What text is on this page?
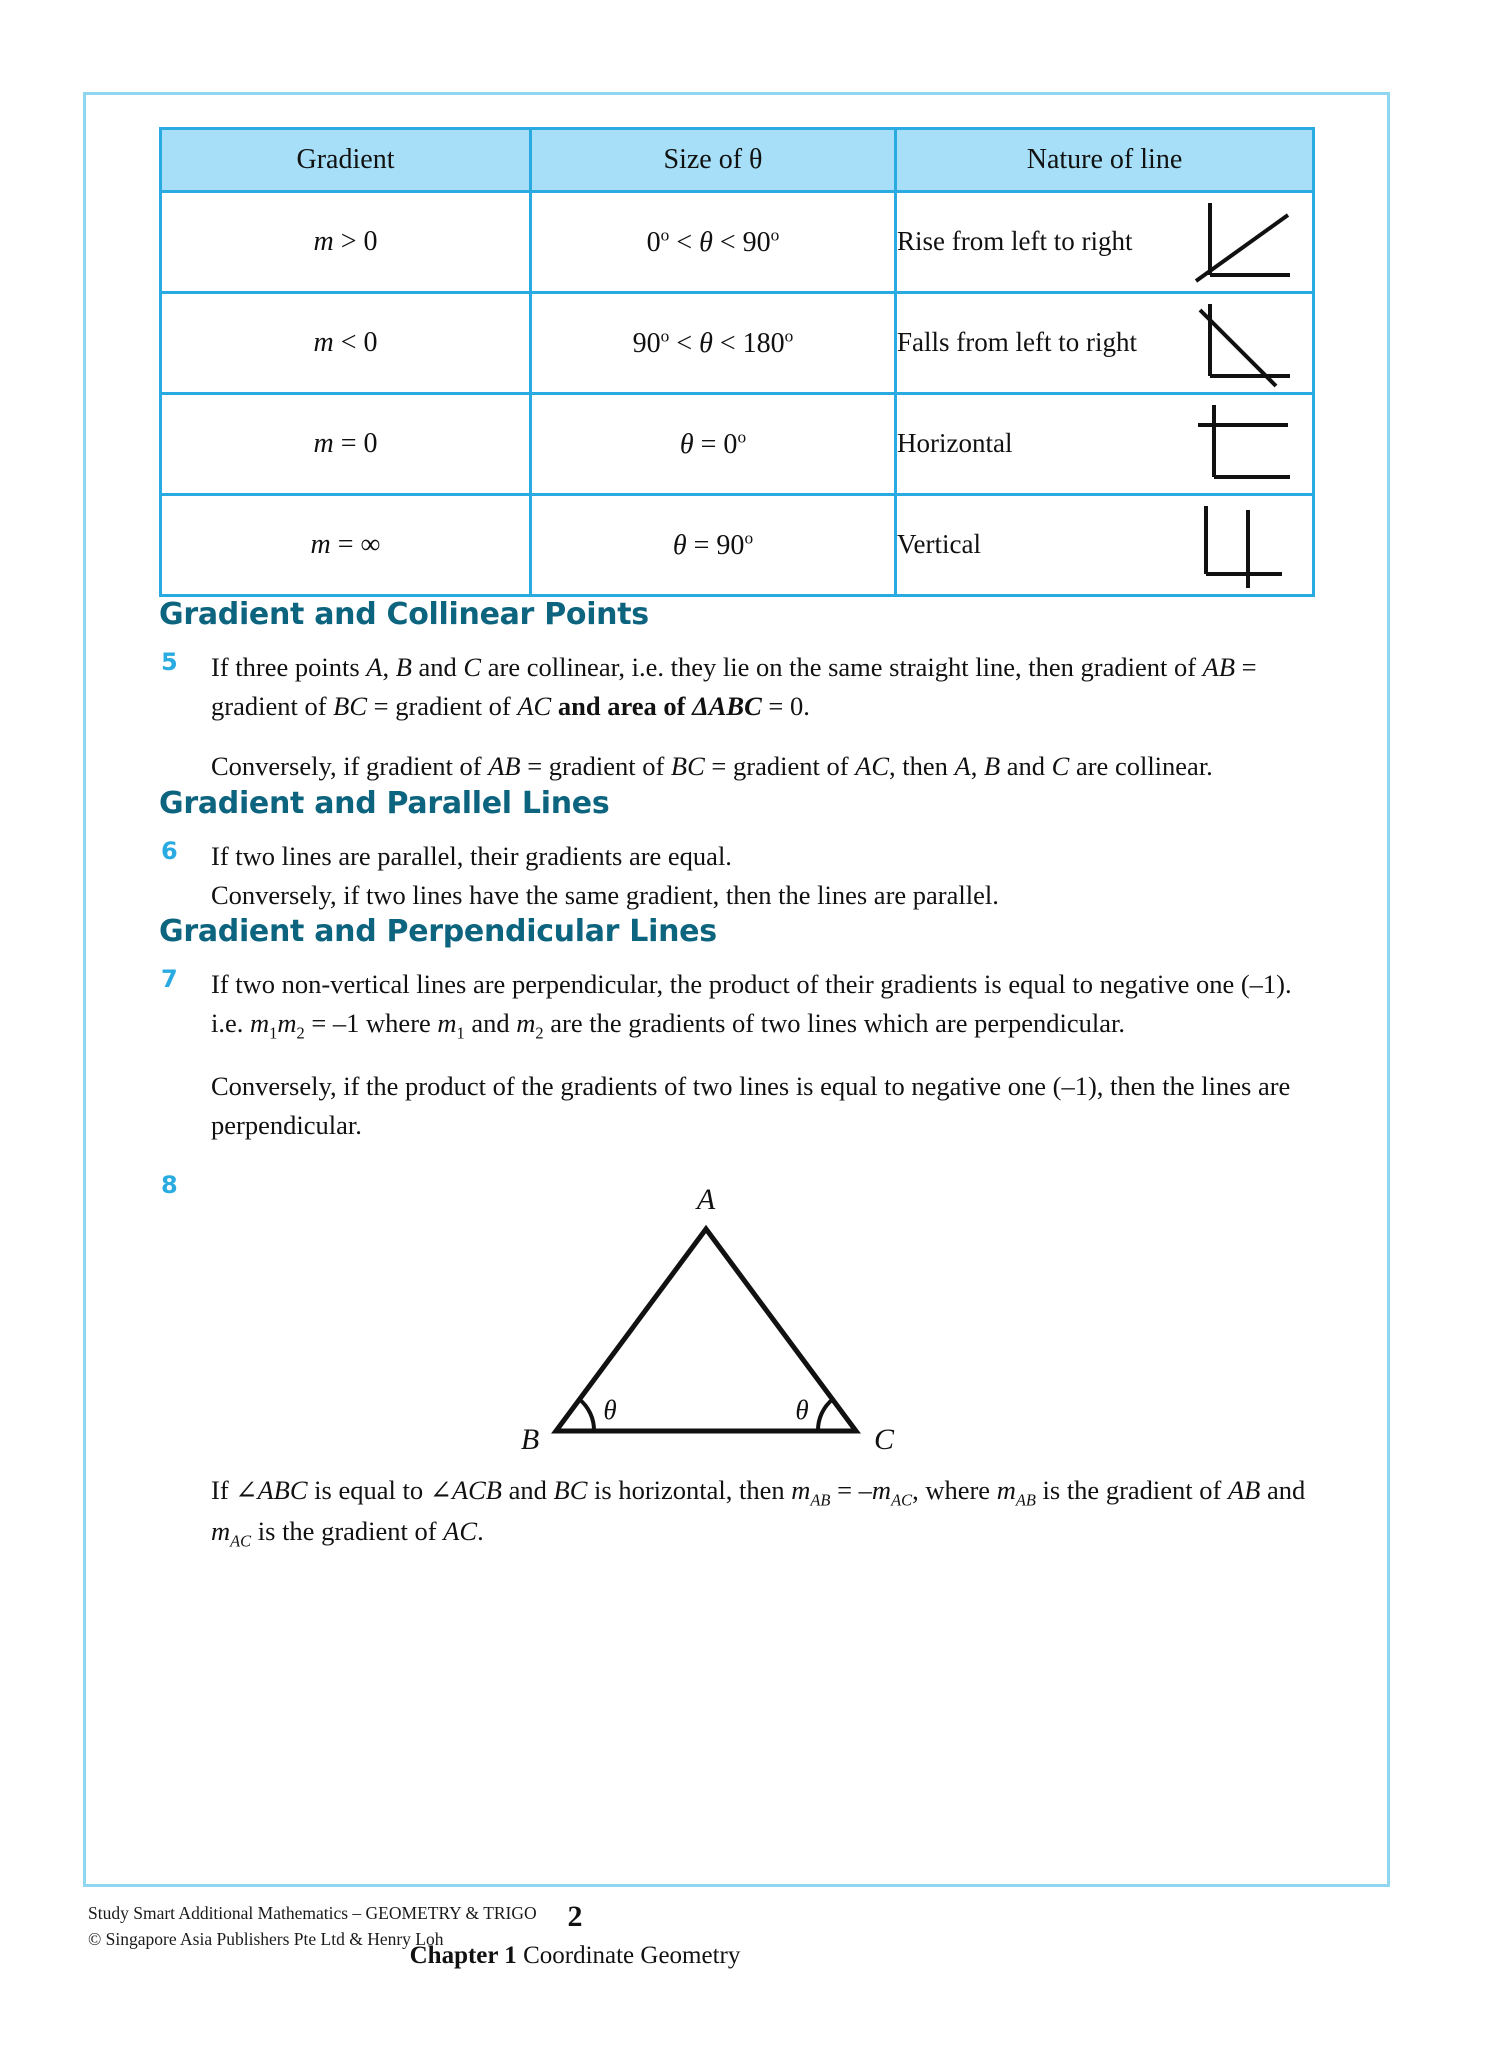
Gradient	Size of θ	Nature of line
m > 0	$0^o < \theta < 90^o$	Rise from left to right

m < 0	$90^o < \theta < 180^o$	Falls from left to right

m = 0	$\theta = 0^o$	Horizontal

m = ∞	$\theta = 90^o$	Vertical
Gradient and Collinear Points
5 If three points A, B and C are collinear, i.e. they lie on the same straight line, then gradient of AB = gradient of BC = gradient of AC and area of ΔABC = 0.

Conversely, if gradient of AB = gradient of BC = gradient of AC, then A, B and C are collinear.

Gradient and Parallel Lines
6 If two lines are parallel, their gradients are equal.

Conversely, if two lines have the same gradient, then the lines are parallel.

Gradient and Perpendicular Lines
7 If two non-vertical lines are perpendicular, the product of their gradients is equal to negative one (–1). i.e. $m_1m_2 = -1$ where $m_1$ and $m_2$ are the gradients of two lines which are perpendicular.

Conversely, if the product of the gradients of two lines is equal to negative one (–1), then the lines are perpendicular.

8	A
B	C
θ	θ

If ∠ABC is equal to ∠ACB and BC is horizontal, then $m_{AB} = -m_{AC}$, where $m_{AB}$ is the gradient of AB and $m_{AC}$ is the gradient of AC.

Study Smart Additional Mathematics – GEOMETRY & TRIGO
© Singapore Asia Publishers Pte Ltd & Henry Loh
2
Chapter 1 Coordinate Geometry
